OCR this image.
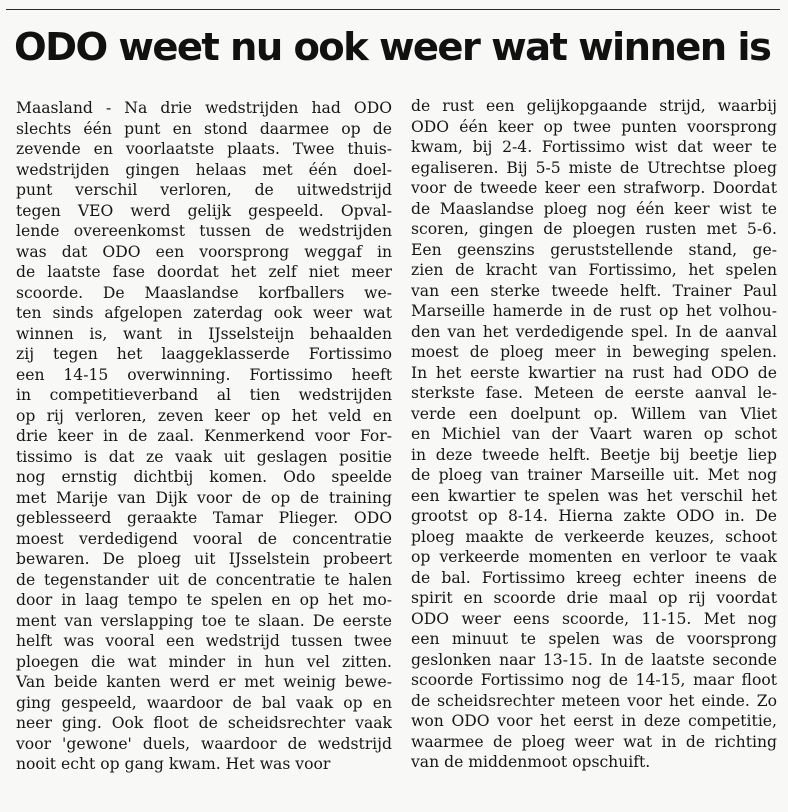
ODO weet nu ook weer wat winnen is
Maasland - Na drie wedstrijden had ODO
slechts één punt en stond daarmee op de
zevende en voorlaatste plaats. Twee thuis-
wedstrijden gingen helaas met één doel-
punt verschil verloren, de uitwedstrijd
tegen VEO werd gelijk gespeeld. Opval-
lende overeenkomst tussen de wedstrijden
was dat ODO een voorsprong weggaf in
de laatste fase doordat het zelf niet meer
scoorde. De Maaslandse korfballers we-
ten sinds afgelopen zaterdag ook weer wat
winnen is, want in IJsselsteijn behaalden
zij tegen het laaggeklasserde Fortissimo
een 14-15 overwinning. Fortissimo heeft
in competitieverband al tien wedstrijden
op rij verloren, zeven keer op het veld en
drie keer in de zaal. Kenmerkend voor For-
tissimo is dat ze vaak uit geslagen positie
nog ernstig dichtbij komen. Odo speelde
met Marije van Dijk voor de op de training
geblesseerd geraakte Tamar Plieger. ODO
moest verdedigend vooral de concentratie
bewaren. De ploeg uit IJsselstein probeert
de tegenstander uit de concentratie te halen
door in laag tempo te spelen en op het mo-
ment van verslapping toe te slaan. De eerste
helft was vooral een wedstrijd tussen twee
ploegen die wat minder in hun vel zitten.
Van beide kanten werd er met weinig bewe-
ging gespeeld, waardoor de bal vaak op en
neer ging. Ook floot de scheidsrechter vaak
voor 'gewone' duels, waardoor de wedstrijd
nooit echt op gang kwam. Het was voor
de rust een gelijkopgaande strijd, waarbij
ODO één keer op twee punten voorsprong
kwam, bij 2-4. Fortissimo wist dat weer te
egaliseren. Bij 5-5 miste de Utrechtse ploeg
voor de tweede keer een strafworp. Doordat
de Maaslandse ploeg nog één keer wist te
scoren, gingen de ploegen rusten met 5-6.
Een geenszins geruststellende stand, ge-
zien de kracht van Fortissimo, het spelen
van een sterke tweede helft. Trainer Paul
Marseille hamerde in de rust op het volhou-
den van het verdedigende spel. In de aanval
moest de ploeg meer in beweging spelen.
In het eerste kwartier na rust had ODO de
sterkste fase. Meteen de eerste aanval le-
verde een doelpunt op. Willem van Vliet
en Michiel van der Vaart waren op schot
in deze tweede helft. Beetje bij beetje liep
de ploeg van trainer Marseille uit. Met nog
een kwartier te spelen was het verschil het
grootst op 8-14. Hierna zakte ODO in. De
ploeg maakte de verkeerde keuzes, schoot
op verkeerde momenten en verloor te vaak
de bal. Fortissimo kreeg echter ineens de
spirit en scoorde drie maal op rij voordat
ODO weer eens scoorde, 11-15. Met nog
een minuut te spelen was de voorsprong
geslonken naar 13-15. In de laatste seconde
scoorde Fortissimo nog de 14-15, maar floot
de scheidsrechter meteen voor het einde. Zo
won ODO voor het eerst in deze competitie,
waarmee de ploeg weer wat in de richting
van de middenmoot opschuift.
